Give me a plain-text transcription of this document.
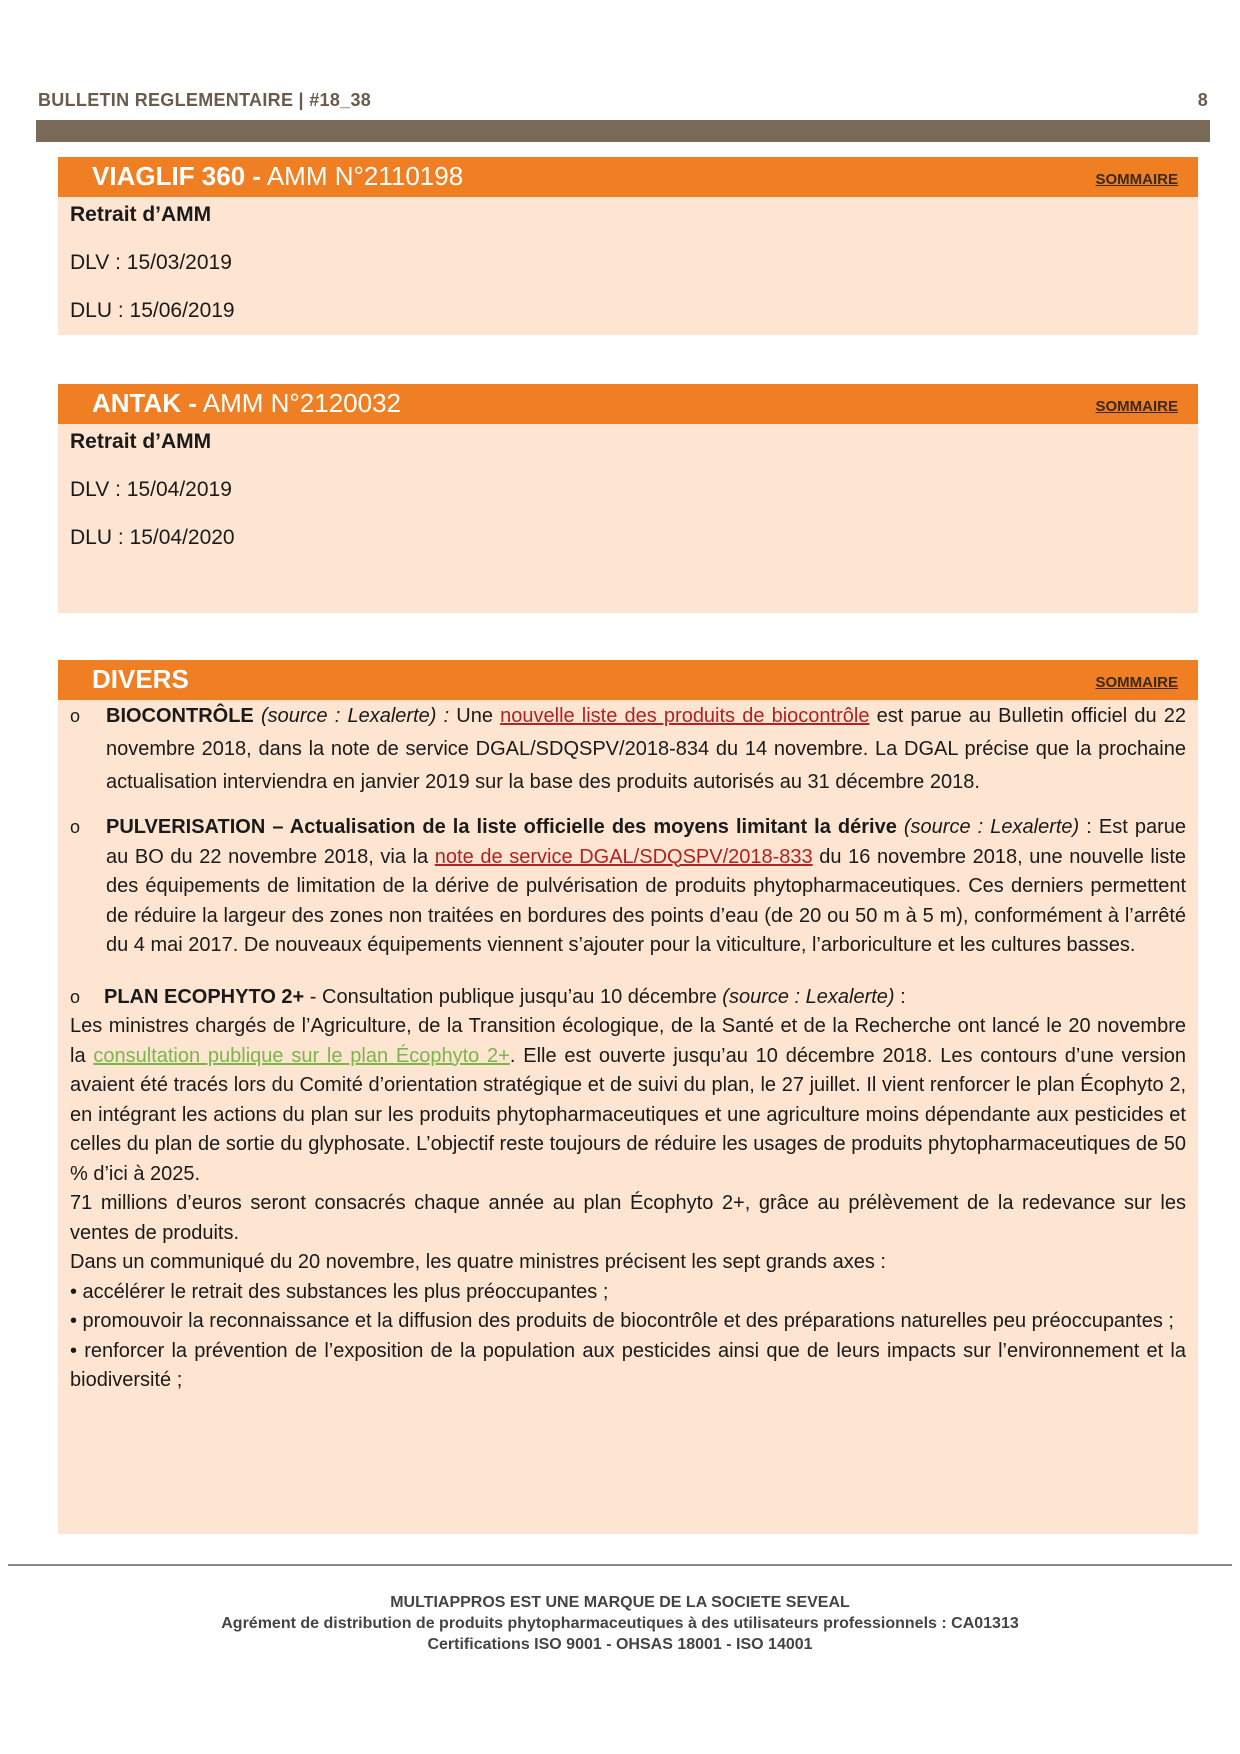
BULLETIN REGLEMENTAIRE | #18_38	8
VIAGLIF 360 - AMM N°2110198	SOMMAIRE
Retrait d’AMM
DLV : 15/03/2019
DLU : 15/06/2019
ANTAK - AMM N°2120032	SOMMAIRE
Retrait d’AMM
DLV : 15/04/2019
DLU : 15/04/2020
DIVERS	SOMMAIRE
o BIOCONTRÔLE (source : Lexalerte) : Une nouvelle liste des produits de biocontrôle est parue au Bulletin officiel du 22 novembre 2018, dans la note de service DGAL/SDQSPV/2018-834 du 14 novembre. La DGAL précise que la prochaine actualisation interviendra en janvier 2019 sur la base des produits autorisés au 31 décembre 2018.
o PULVERISATION – Actualisation de la liste officielle des moyens limitant la dérive (source : Lexalerte) : Est parue au BO du 22 novembre 2018, via la note de service DGAL/SDQSPV/2018-833 du 16 novembre 2018, une nouvelle liste des équipements de limitation de la dérive de pulvérisation de produits phytopharmaceutiques. Ces derniers permettent de réduire la largeur des zones non traitées en bordures des points d’eau (de 20 ou 50 m à 5 m), conformément à l’arrêté du 4 mai 2017. De nouveaux équipements viennent s’ajouter pour la viticulture, l’arboriculture et les cultures basses.
o PLAN ECOPHYTO 2+ - Consultation publique jusqu’au 10 décembre (source : Lexalerte) :
Les ministres chargés de l’Agriculture, de la Transition écologique, de la Santé et de la Recherche ont lancé le 20 novembre la consultation publique sur le plan Écophyto 2+. Elle est ouverte jusqu’au 10 décembre 2018. Les contours d’une version avaient été tracés lors du Comité d’orientation stratégique et de suivi du plan, le 27 juillet. Il vient renforcer le plan Écophyto 2, en intégrant les actions du plan sur les produits phytopharmaceutiques et une agriculture moins dépendante aux pesticides et celles du plan de sortie du glyphosate. L’objectif reste toujours de réduire les usages de produits phytopharmaceutiques de 50 % d’ici à 2025.
71 millions d’euros seront consacrés chaque année au plan Écophyto 2+, grâce au prélèvement de la redevance sur les ventes de produits.
Dans un communiqué du 20 novembre, les quatre ministres précisent les sept grands axes :
• accélérer le retrait des substances les plus préoccupantes ;
• promouvoir la reconnaissance et la diffusion des produits de biocontrôle et des préparations naturelles peu préoccupantes ;
• renforcer la prévention de l’exposition de la population aux pesticides ainsi que de leurs impacts sur l’environnement et la biodiversité ;
MULTIAPPROS EST UNE MARQUE DE LA SOCIETE SEVEAL
Agrément de distribution de produits phytopharmaceutiques à des utilisateurs professionnels : CA01313
Certifications ISO 9001 - OHSAS 18001 - ISO 14001
